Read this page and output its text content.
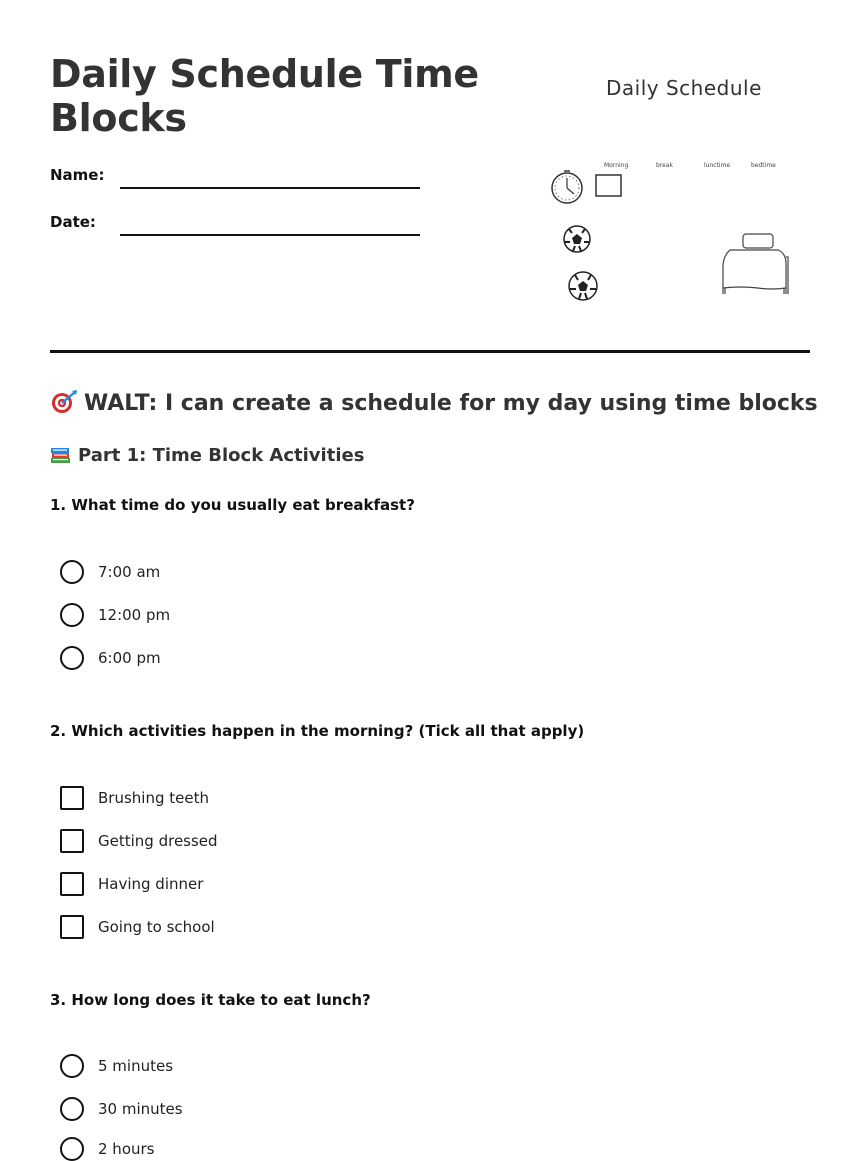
Daily Schedule Time Blocks
Name:
Date:
Daily Schedule
Morning	break	lunctime	bedtime
WALT: I can create a schedule for my day using time blocks
Part 1: Time Block Activities
1. What time do you usually eat breakfast?
7:00 am
12:00 pm
6:00 pm
2. Which activities happen in the morning? (Tick all that apply)
Brushing teeth
Getting dressed
Having dinner
Going to school
3. How long does it take to eat lunch?
5 minutes
30 minutes
2 hours
